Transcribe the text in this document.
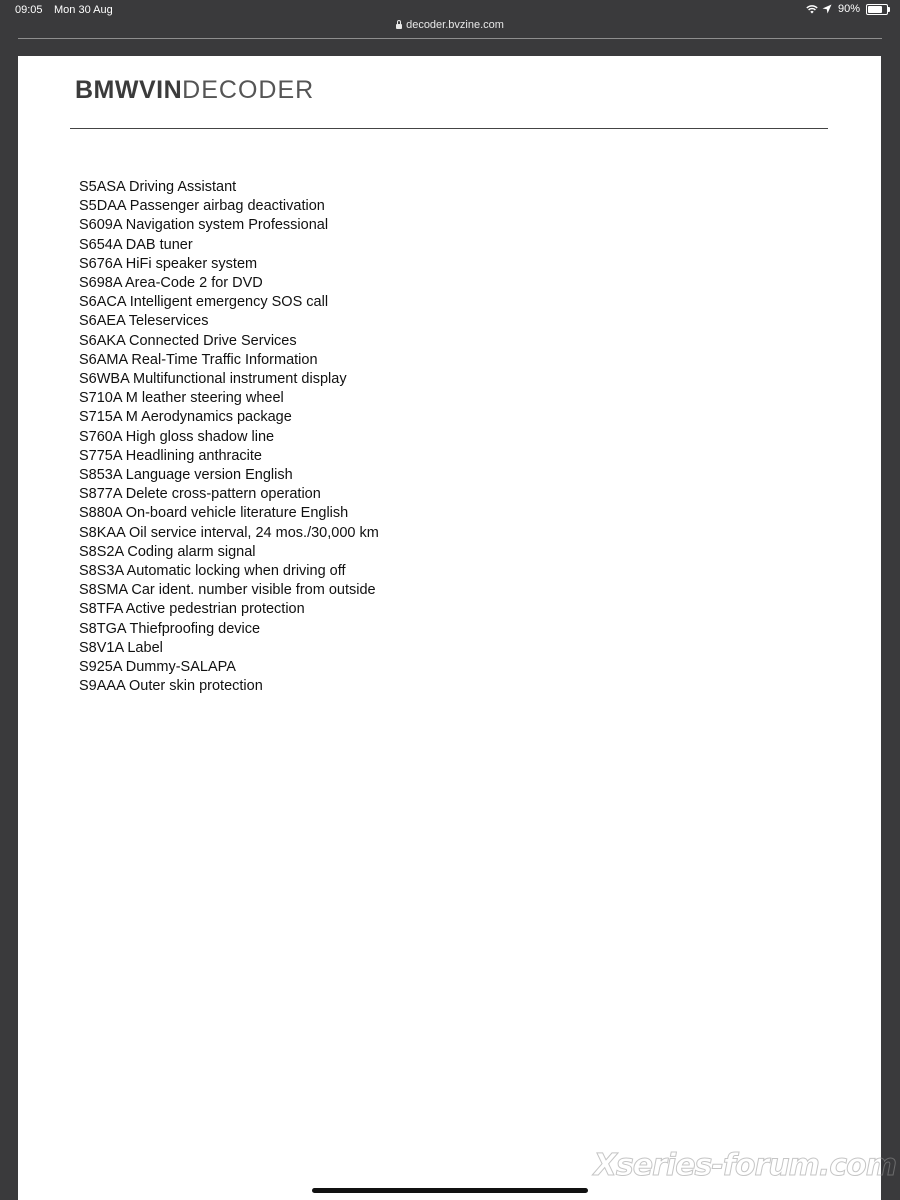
09:05 Mon 30 Aug	90%
decoder.bvzine.com
BMWVINDECODER
S5ASA Driving Assistant
S5DAA Passenger airbag deactivation
S609A Navigation system Professional
S654A DAB tuner
S676A HiFi speaker system
S698A Area-Code 2 for DVD
S6ACA Intelligent emergency SOS call
S6AEA Teleservices
S6AKA Connected Drive Services
S6AMA Real-Time Traffic Information
S6WBA Multifunctional instrument display
S710A M leather steering wheel
S715A M Aerodynamics package
S760A High gloss shadow line
S775A Headlining anthracite
S853A Language version English
S877A Delete cross-pattern operation
S880A On-board vehicle literature English
S8KAA Oil service interval, 24 mos./30,000 km
S8S2A Coding alarm signal
S8S3A Automatic locking when driving off
S8SMA Car ident. number visible from outside
S8TFA Active pedestrian protection
S8TGA Thiefproofing device
S8V1A Label
S925A Dummy-SALAPA
S9AAA Outer skin protection
Xseries-forum.com
